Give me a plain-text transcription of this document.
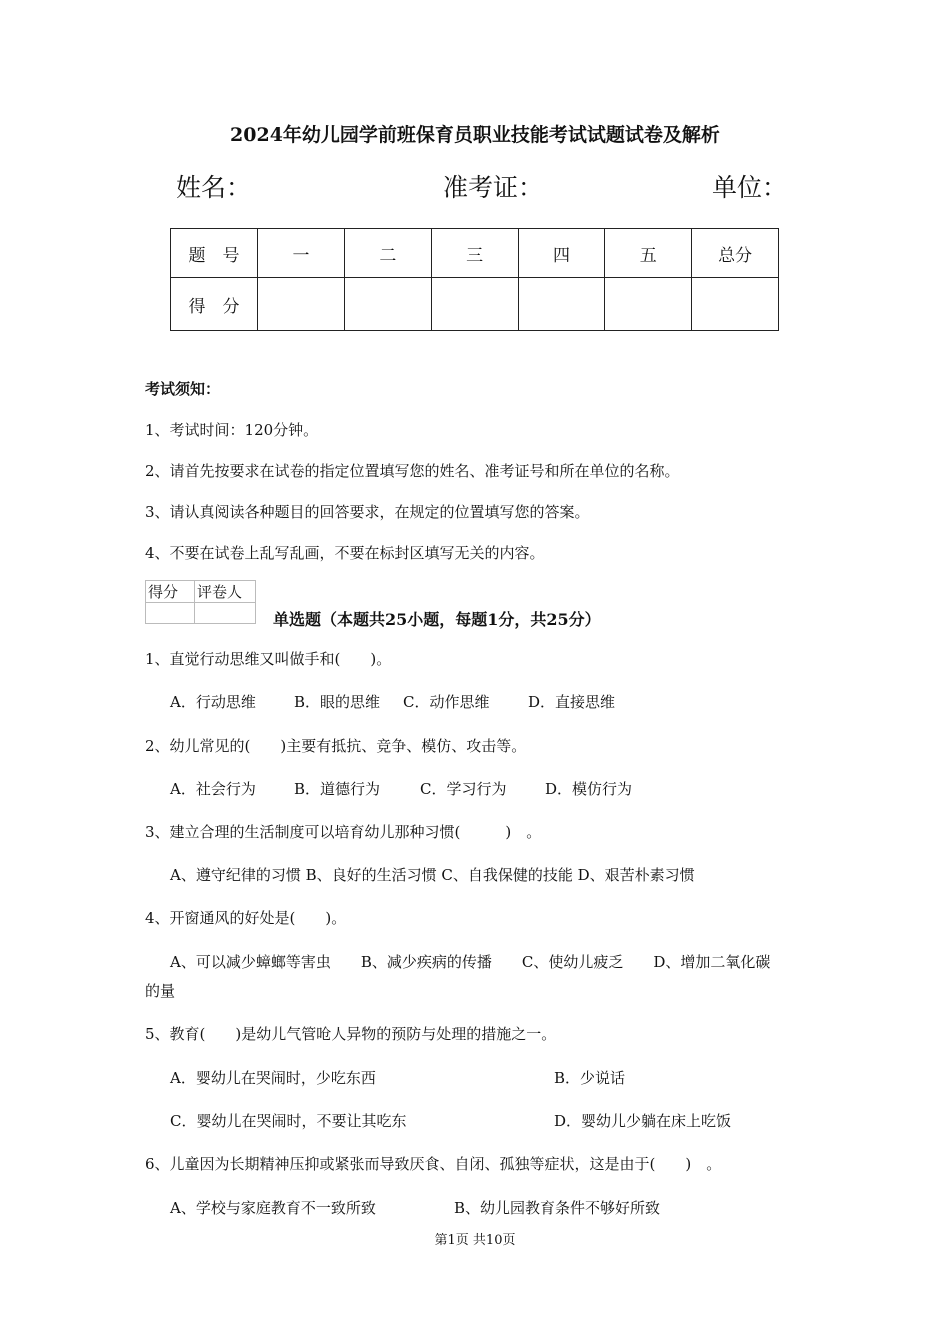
2024年幼儿园学前班保育员职业技能考试试题试卷及解析
姓名：	准考证：	单位：
题　号	一	二	三	四	五	总分
得　分						
考试须知：
1、考试时间：120分钟。
2、请首先按要求在试卷的指定位置填写您的姓名、准考证号和所在单位的名称。
3、请认真阅读各种题目的回答要求，在规定的位置填写您的答案。
4、不要在试卷上乱写乱画，不要在标封区填写无关的内容。
得分	评卷人

单选题（本题共25小题，每题1分，共25分）
1、直觉行动思维又叫做手和(　　)。
A．行动思维	B．眼的思维 C．动作思维	D．直接思维
2、幼儿常见的(　　)主要有抵抗、竞争、模仿、攻击等。
A．社会行为	B．道德行为	C．学习行为	D．模仿行为
3、建立合理的生活制度可以培育幼儿那种习惯(　　　)　。
A、遵守纪律的习惯 B、良好的生活习惯 C、自我保健的技能 D、艰苦朴素习惯
4、开窗通风的好处是(　　)。
A、可以减少蟑螂等害虫　　B、减少疾病的传播　　C、使幼儿疲乏　　D、增加二氧化碳
的量
5、教育(　　)是幼儿气管呛人异物的预防与处理的措施之一。
A．婴幼儿在哭闹时，少吃东西	B．少说话
C．婴幼儿在哭闹时，不要让其吃东	D．婴幼儿少躺在床上吃饭
6、儿童因为长期精神压抑或紧张而导致厌食、自闭、孤独等症状，这是由于(　　)　。
A、学校与家庭教育不一致所致	B、幼儿园教育条件不够好所致
第1页 共10页
